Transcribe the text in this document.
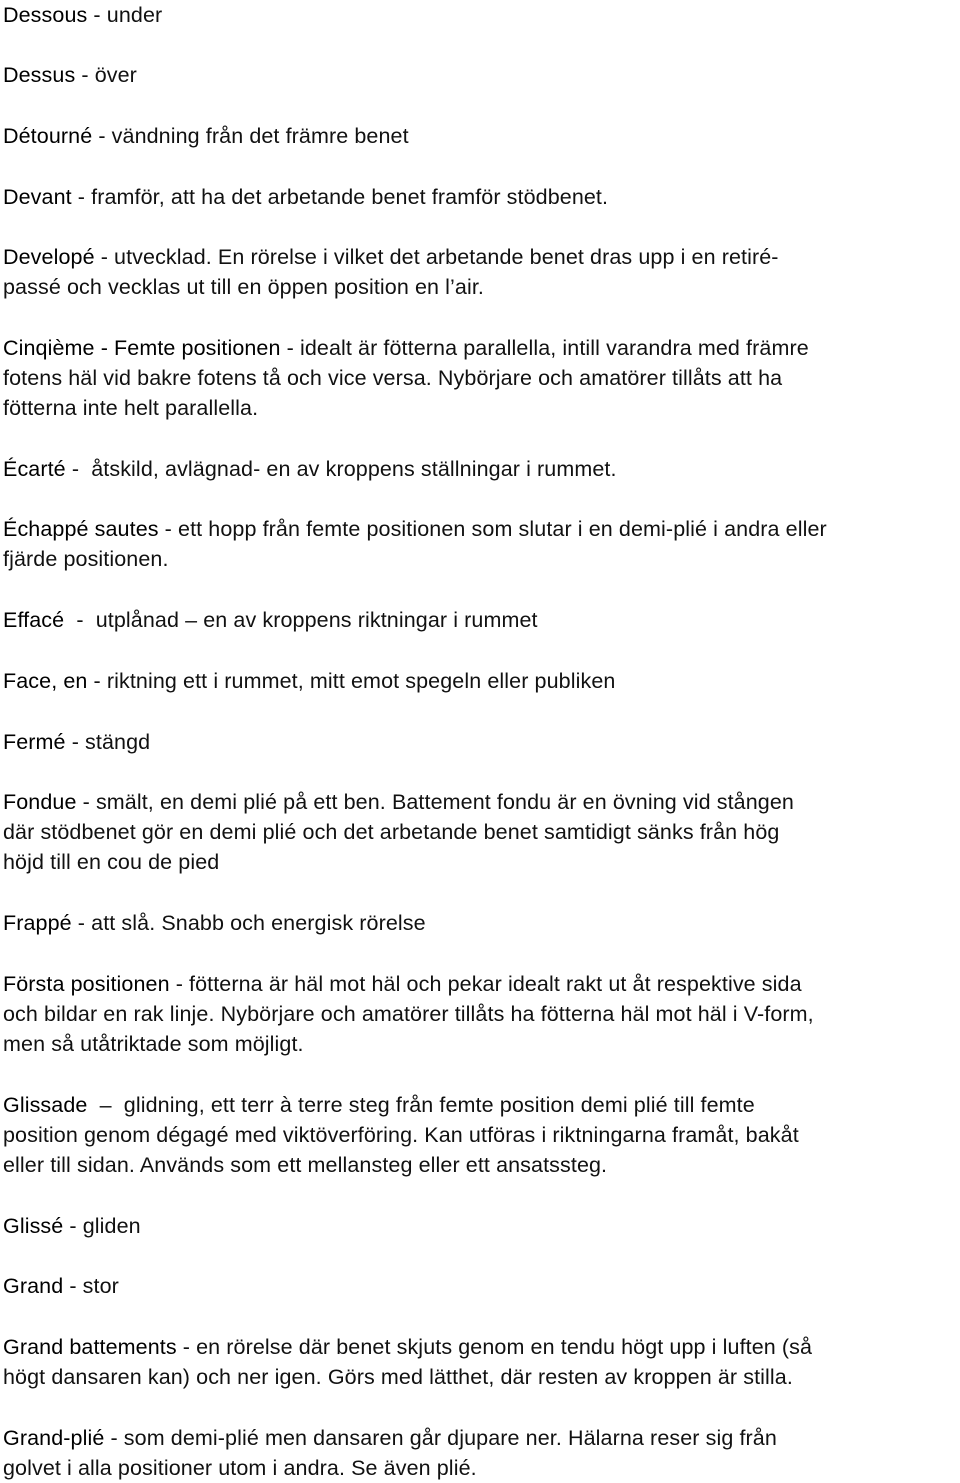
Dessous - under

Dessus - över

Détourné - vändning från det främre benet

Devant - framför, att ha det arbetande benet framför stödbenet.

Developé - utvecklad. En rörelse i vilket det arbetande benet dras upp i en retiré-
passé och vecklas ut till en öppen position en l’air.

Cinqième - Femte positionen - idealt är fötterna parallella, intill varandra med främre
fotens häl vid bakre fotens tå och vice versa. Nybörjare och amatörer tillåts att ha
fötterna inte helt parallella.

Écarté -  åtskild, avlägnad- en av kroppens ställningar i rummet.

Échappé sautes - ett hopp från femte positionen som slutar i en demi-plié i andra eller
fjärde positionen.

Effacé  -  utplånad – en av kroppens riktningar i rummet

Face, en - riktning ett i rummet, mitt emot spegeln eller publiken

Fermé - stängd

Fondue - smält, en demi plié på ett ben. Battement fondu är en övning vid stången
där stödbenet gör en demi plié och det arbetande benet samtidigt sänks från hög
höjd till en cou de pied

Frappé - att slå. Snabb och energisk rörelse

Första positionen - fötterna är häl mot häl och pekar idealt rakt ut åt respektive sida
och bildar en rak linje. Nybörjare och amatörer tillåts ha fötterna häl mot häl i V-form,
men så utåtriktade som möjligt.

Glissade  –  glidning, ett terr à terre steg från femte position demi plié till femte
position genom dégagé med viktöverföring. Kan utföras i riktningarna framåt, bakåt
eller till sidan. Används som ett mellansteg eller ett ansatssteg.

Glissé - gliden

Grand - stor

Grand battements - en rörelse där benet skjuts genom en tendu högt upp i luften (så
högt dansaren kan) och ner igen. Görs med lätthet, där resten av kroppen är stilla.

Grand-plié - som demi-plié men dansaren går djupare ner. Hälarna reser sig från
golvet i alla positioner utom i andra. Se även plié.
